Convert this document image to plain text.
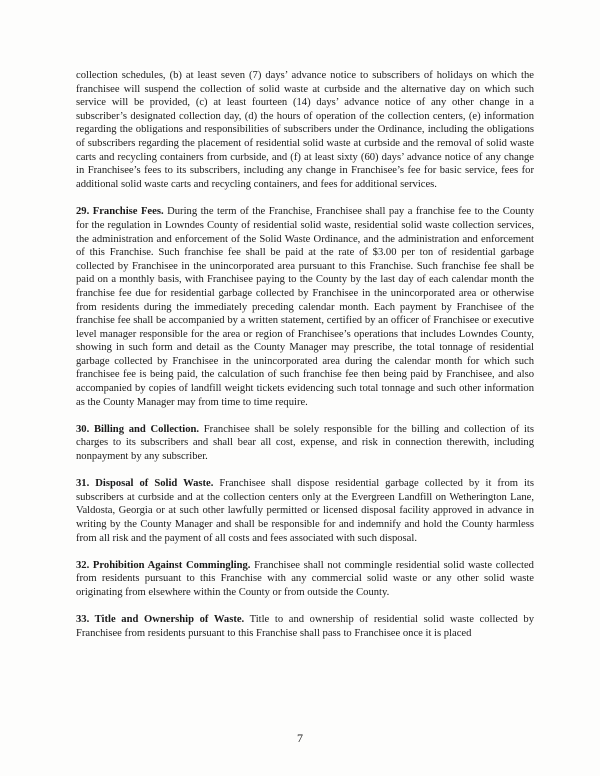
collection schedules, (b) at least seven (7) days’ advance notice to subscribers of holidays on which the franchisee will suspend the collection of solid waste at curbside and the alternative day on which such service will be provided, (c) at least fourteen (14) days’ advance notice of any other change in a subscriber’s designated collection day, (d) the hours of operation of the collection centers, (e) information regarding the obligations and responsibilities of subscribers under the Ordinance, including the obligations of subscribers regarding the placement of residential solid waste at curbside and the removal of solid waste carts and recycling containers from curbside, and (f) at least sixty (60) days’ advance notice of any change in Franchisee’s fees to its subscribers, including any change in Franchisee’s fee for basic service, fees for additional solid waste carts and recycling containers, and fees for additional services.

29. Franchise Fees. During the term of the Franchise, Franchisee shall pay a franchise fee to the County for the regulation in Lowndes County of residential solid waste, residential solid waste collection services, the administration and enforcement of the Solid Waste Ordinance, and the administration and enforcement of this Franchise. Such franchise fee shall be paid at the rate of $3.00 per ton of residential garbage collected by Franchisee in the unincorporated area pursuant to this Franchise. Such franchise fee shall be paid on a monthly basis, with Franchisee paying to the County by the last day of each calendar month the franchise fee due for residential garbage collected by Franchisee in the unincorporated area or otherwise from residents during the immediately preceding calendar month. Each payment by Franchisee of the franchise fee shall be accompanied by a written statement, certified by an officer of Franchisee or executive level manager responsible for the area or region of Franchisee’s operations that includes Lowndes County, showing in such form and detail as the County Manager may prescribe, the total tonnage of residential garbage collected by Franchisee in the unincorporated area during the calendar month for which such franchisee fee is being paid, the calculation of such franchise fee then being paid by Franchisee, and also accompanied by copies of landfill weight tickets evidencing such total tonnage and such other information as the County Manager may from time to time require.

30. Billing and Collection. Franchisee shall be solely responsible for the billing and collection of its charges to its subscribers and shall bear all cost, expense, and risk in connection therewith, including nonpayment by any subscriber.

31. Disposal of Solid Waste. Franchisee shall dispose residential garbage collected by it from its subscribers at curbside and at the collection centers only at the Evergreen Landfill on Wetherington Lane, Valdosta, Georgia or at such other lawfully permitted or licensed disposal facility approved in advance in writing by the County Manager and shall be responsible for and indemnify and hold the County harmless from all risk and the payment of all costs and fees associated with such disposal.

32. Prohibition Against Commingling. Franchisee shall not commingle residential solid waste collected from residents pursuant to this Franchise with any commercial solid waste or any other solid waste originating from elsewhere within the County or from outside the County.

33. Title and Ownership of Waste. Title to and ownership of residential solid waste collected by Franchisee from residents pursuant to this Franchise shall pass to Franchisee once it is placed

7
